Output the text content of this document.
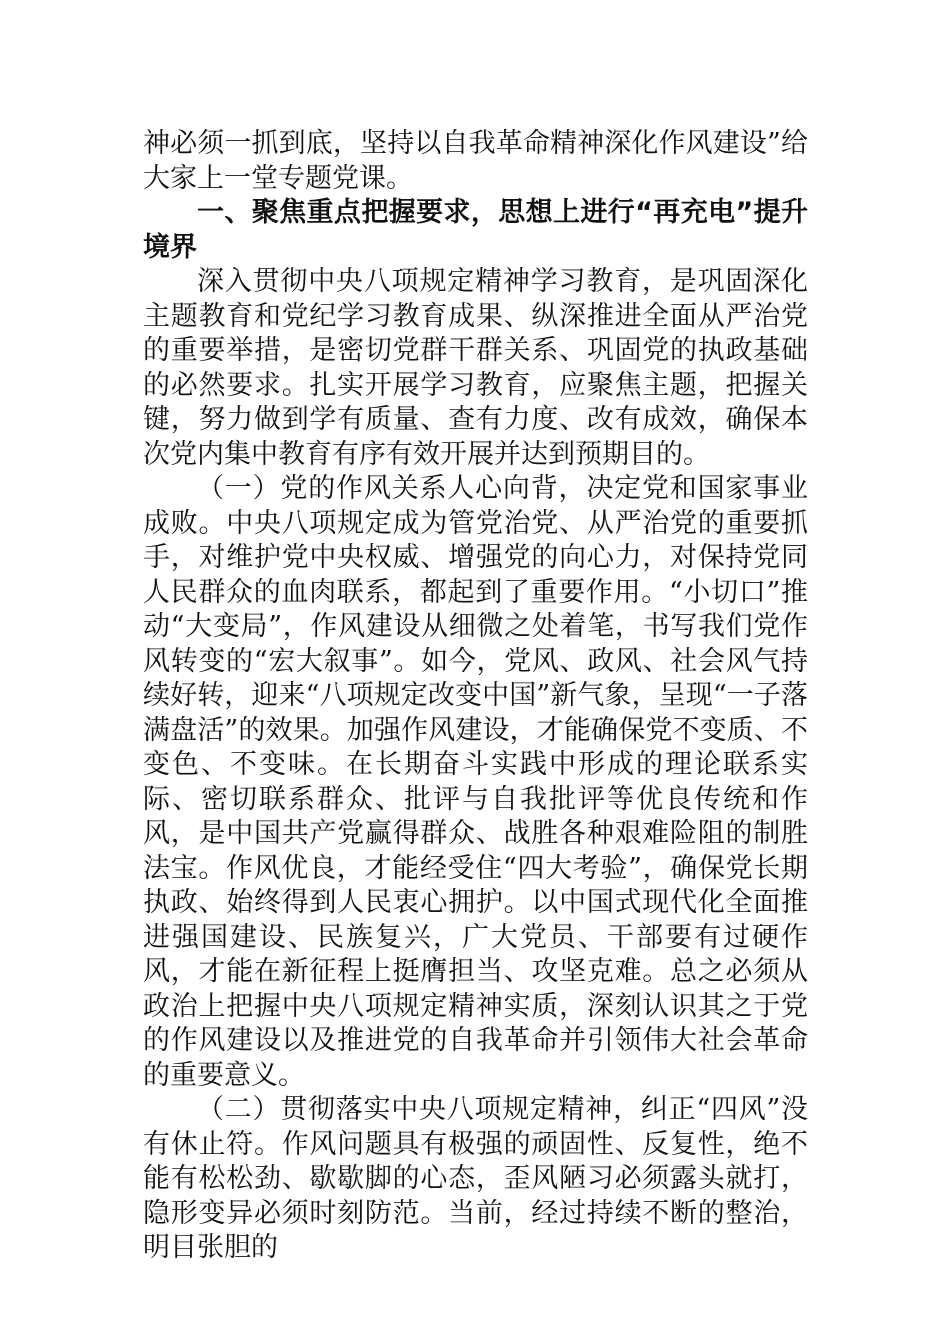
神必须一抓到底，坚持以自我革命精神深化作风建设”给大家上一堂专题党课。

一、聚焦重点把握要求，思想上进行“再充电”提升境界

深入贯彻中央八项规定精神学习教育，是巩固深化主题教育和党纪学习教育成果、纵深推进全面从严治党的重要举措，是密切党群干群关系、巩固党的执政基础的必然要求。扎实开展学习教育，应聚焦主题，把握关键，努力做到学有质量、查有力度、改有成效，确保本次党内集中教育有序有效开展并达到预期目的。

（一）党的作风关系人心向背，决定党和国家事业成败。中央八项规定成为管党治党、从严治党的重要抓手，对维护党中央权威、增强党的向心力，对保持党同人民群众的血肉联系，都起到了重要作用。“小切口”推动“大变局”，作风建设从细微之处着笔，书写我们党作风转变的“宏大叙事”。如今，党风、政风、社会风气持续好转，迎来“八项规定改变中国”新气象，呈现“一子落满盘活”的效果。加强作风建设，才能确保党不变质、不变色、不变味。在长期奋斗实践中形成的理论联系实际、密切联系群众、批评与自我批评等优良传统和作风，是中国共产党赢得群众、战胜各种艰难险阻的制胜法宝。作风优良，才能经受住“四大考验”，确保党长期执政、始终得到人民衷心拥护。以中国式现代化全面推进强国建设、民族复兴，广大党员、干部要有过硬作风，才能在新征程上挺膺担当、攻坚克难。总之必须从政治上把握中央八项规定精神实质，深刻认识其之于党的作风建设以及推进党的自我革命并引领伟大社会革命的重要意义。

（二）贯彻落实中央八项规定精神，纠正“四风”没有休止符。作风问题具有极强的顽固性、反复性，绝不能有松松劲、歇歇脚的心态，歪风陋习必须露头就打，隐形变异必须时刻防范。当前，经过持续不断的整治，明目张胆的
